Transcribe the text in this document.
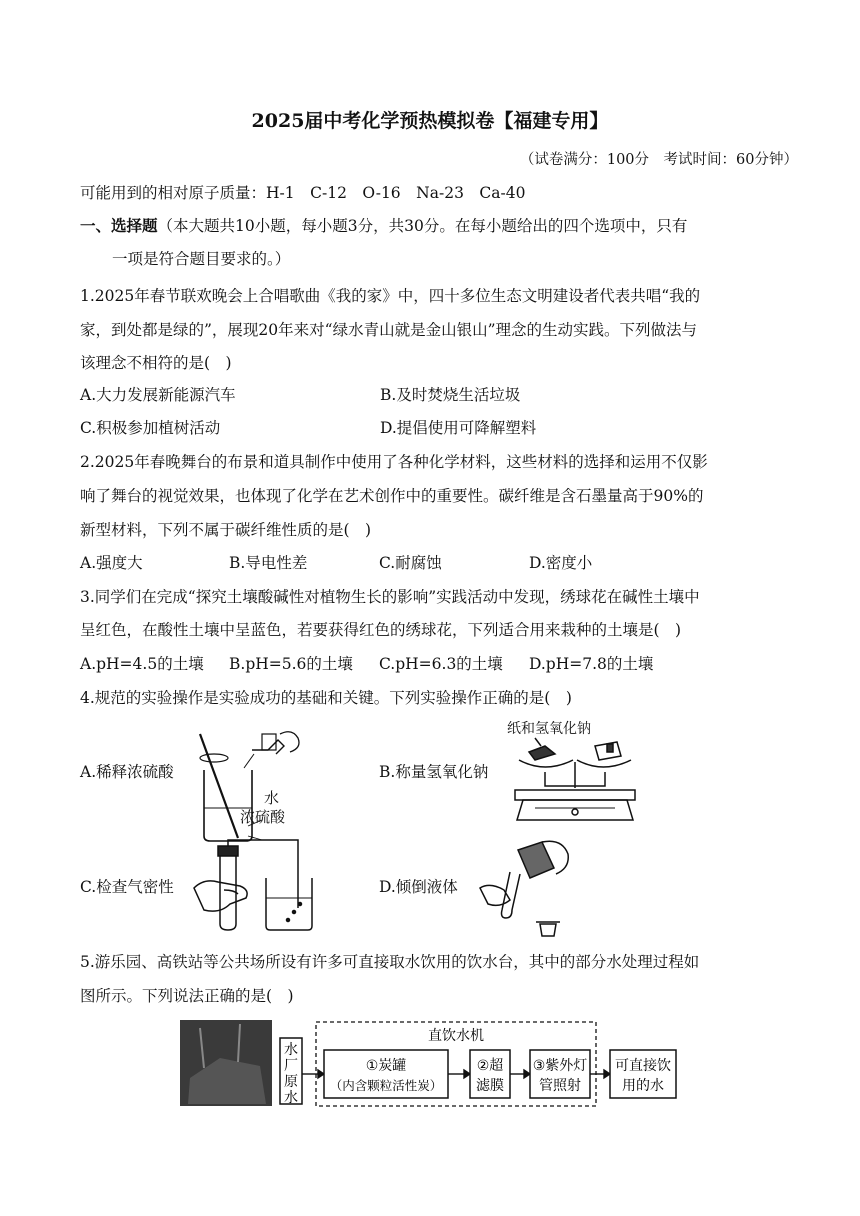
2025届中考化学预热模拟卷【福建专用】
（试卷满分：100分　考试时间：60分钟）
可能用到的相对原子质量：H-1　C-12　O-16　Na-23　Ca-40
一、选择题（本大题共10小题，每小题3分，共30分。在每小题给出的四个选项中，只有
一项是符合题目要求的。）
1.2025年春节联欢晚会上合唱歌曲《我的家》中，四十多位生态文明建设者代表共唱“我的
家，到处都是绿的”，展现20年来对“绿水青山就是金山银山”理念的生动实践。下列做法与
该理念不相符的是(　)
A.大力发展新能源汽车	B.及时焚烧生活垃圾
C.积极参加植树活动	D.提倡使用可降解塑料
2.2025年春晚舞台的布景和道具制作中使用了各种化学材料，这些材料的选择和运用不仅影
响了舞台的视觉效果，也体现了化学在艺术创作中的重要性。碳纤维是含石墨量高于90%的
新型材料，下列不属于碳纤维性质的是(　)
A.强度大	B.导电性差	C.耐腐蚀	D.密度小
3.同学们在完成“探究土壤酸碱性对植物生长的影响”实践活动中发现，绣球花在碱性土壤中
呈红色，在酸性土壤中呈蓝色，若要获得红色的绣球花，下列适合用来栽种的土壤是(　)
A.pH=4.5的土壤 B.pH=5.6的土壤 C.pH=6.3的土壤 D.pH=7.8的土壤
4.规范的实验操作是实验成功的基础和关键。下列实验操作正确的是(　)
A.稀释浓硫酸
水
浓硫酸
B.称量氢氧化钠
纸和氢氧化钠
C.检查气密性	D.倾倒液体
5.游乐园、高铁站等公共场所设有许多可直接取水饮用的饮水台，其中的部分水处理过程如
图所示。下列说法正确的是(　)
水
厂
原
水
直饮水机
①炭罐
（内含颗粒活性炭）
②超
滤膜
③紫外灯
管照射
可直接饮
用的水
